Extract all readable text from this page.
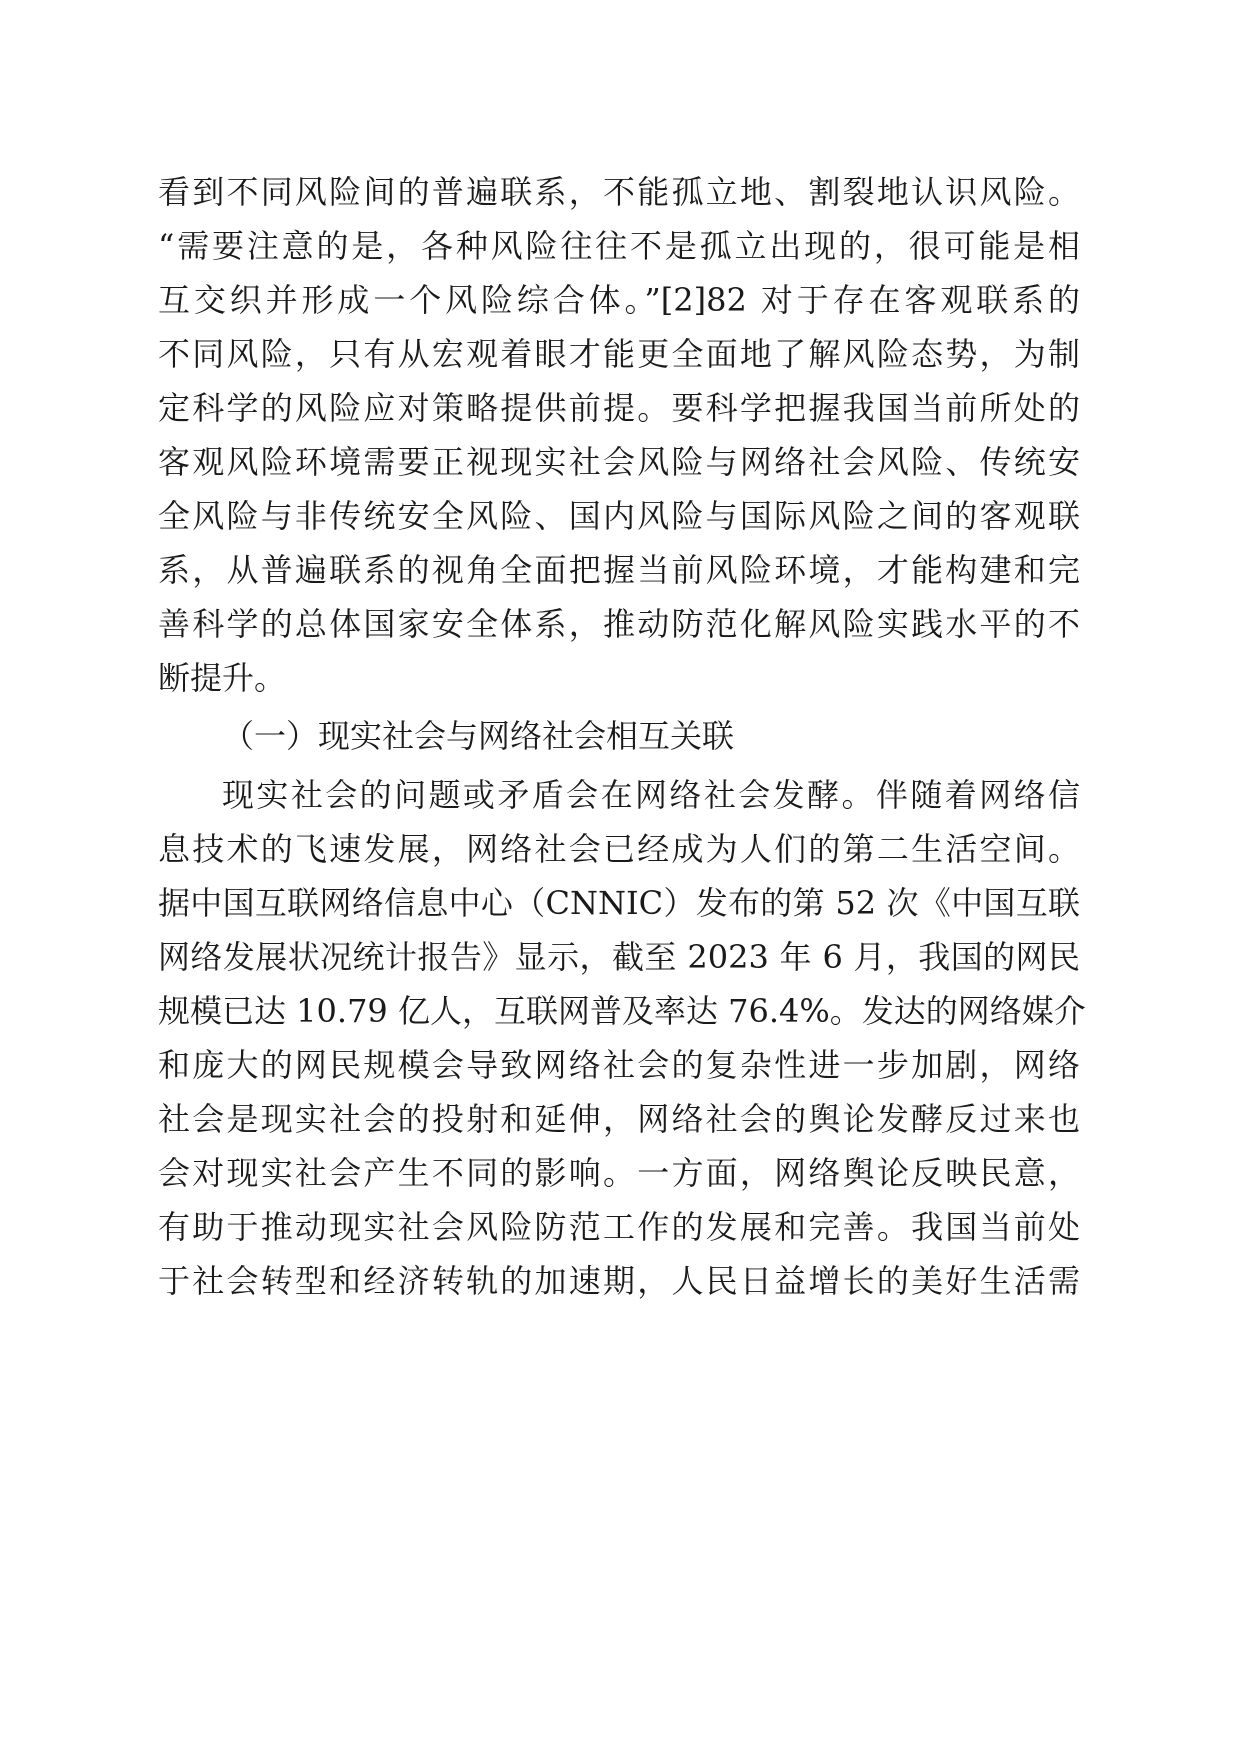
看到不同风险间的普遍联系，不能孤立地、割裂地认识风险。

“需要注意的是，各种风险往往不是孤立出现的，很可能是相

互交织并形成一个风险综合体。”[2]82 对于存在客观联系的

不同风险，只有从宏观着眼才能更全面地了解风险态势，为制

定科学的风险应对策略提供前提。要科学把握我国当前所处的

客观风险环境需要正视现实社会风险与网络社会风险、传统安

全风险与非传统安全风险、国内风险与国际风险之间的客观联

系，从普遍联系的视角全面把握当前风险环境，才能构建和完

善科学的总体国家安全体系，推动防范化解风险实践水平的不

断提升。

（一）现实社会与网络社会相互关联

现实社会的问题或矛盾会在网络社会发酵。伴随着网络信

息技术的飞速发展，网络社会已经成为人们的第二生活空间。

据中国互联网络信息中心（CNNIC）发布的第 52 次《中国互联

网络发展状况统计报告》显示，截至 2023 年 6 月，我国的网民

规模已达 10.79 亿人，互联网普及率达 76.4%。发达的网络媒介

和庞大的网民规模会导致网络社会的复杂性进一步加剧，网络

社会是现实社会的投射和延伸，网络社会的舆论发酵反过来也

会对现实社会产生不同的影响。一方面，网络舆论反映民意，

有助于推动现实社会风险防范工作的发展和完善。我国当前处

于社会转型和经济转轨的加速期，人民日益增长的美好生活需
